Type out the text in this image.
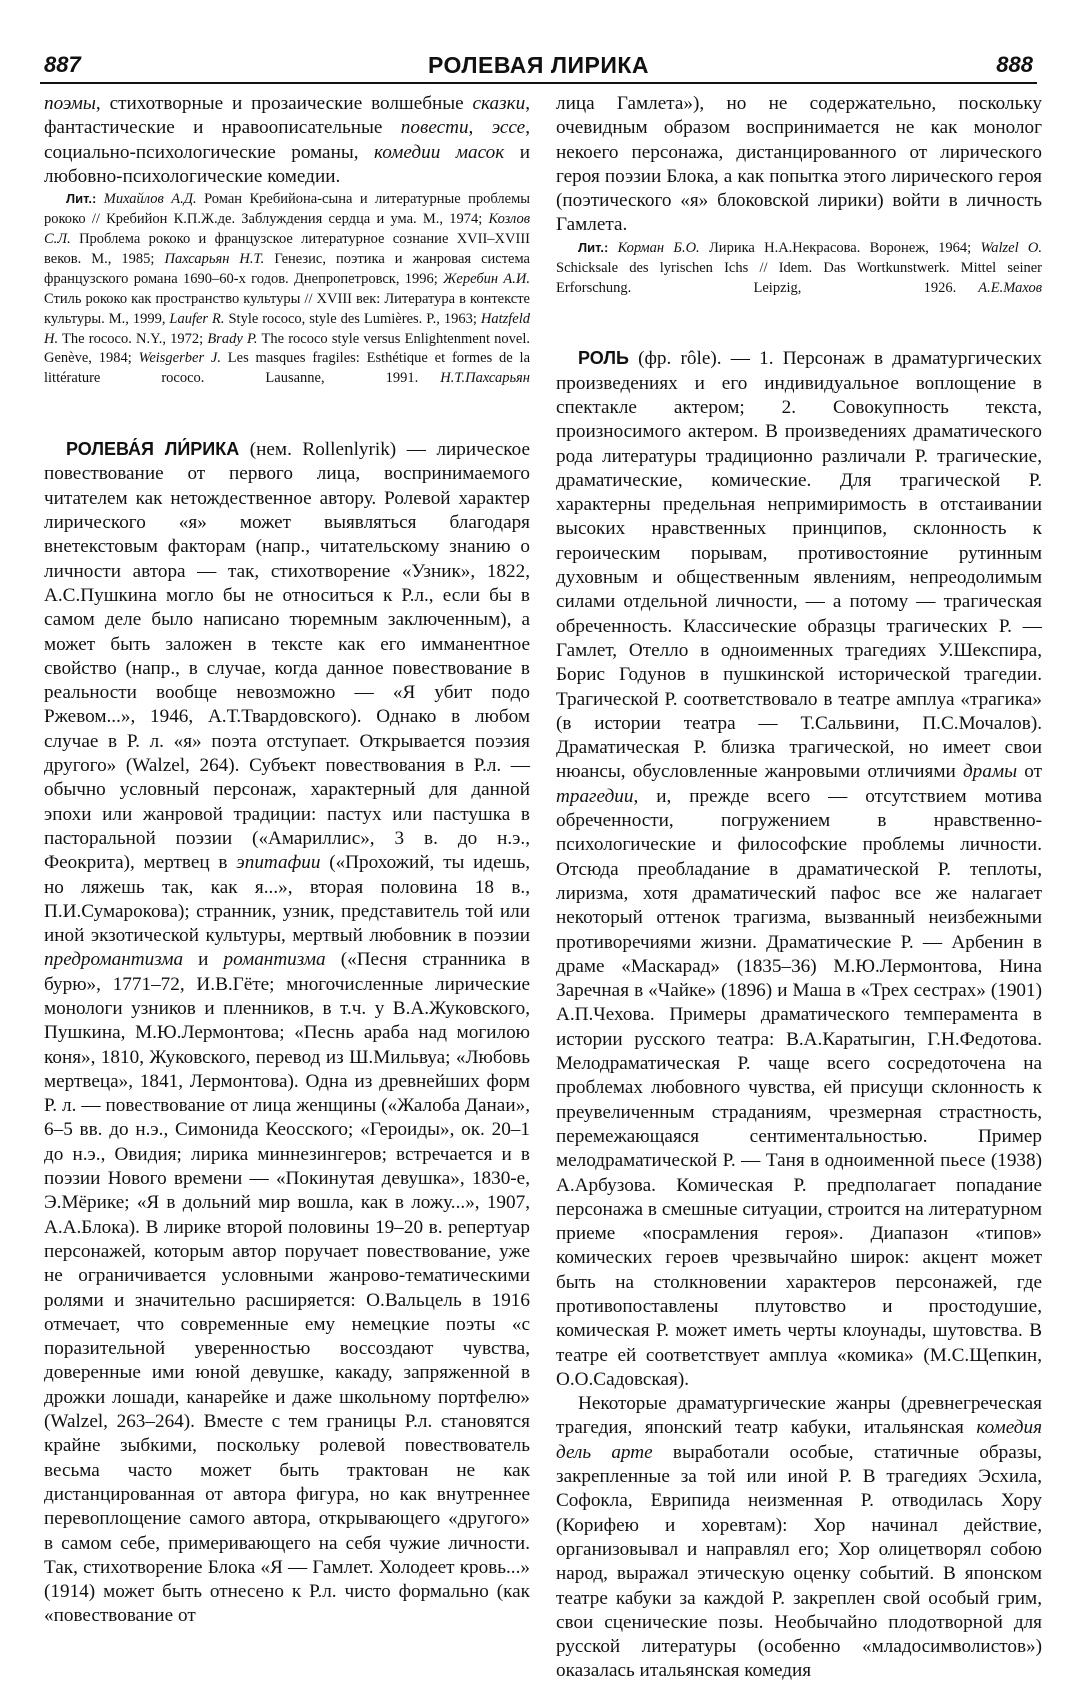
887	РОЛЕВАЯ ЛИРИКА	888

поэмы, стихотворные и прозаические волшебные сказки, фантастические и нравоописательные повести, эссе, социально-психологические романы, комедии масок и любовно-психологические комедии.

Лит.: Михайлов А.Д. Роман Кребийона-сына и литературные проблемы рококо // Кребийон К.П.Ж.де. Заблуждения сердца и ума. М., 1974; Козлов С.Л. Проблема рококо и французское литературное сознание XVII–XVIII веков. М., 1985; Пахсарьян Н.Т. Генезис, поэтика и жанровая система французского романа 1690–60-х годов. Днепропетровск, 1996; Жеребин А.И. Стиль рококо как пространство культуры // XVIII век: Литература в контексте культуры. М., 1999, Laufer R. Style rococo, style des Lumières. P., 1963; Hatzfeld H. The rococo. N.Y., 1972; Brady P. The rococo style versus Enlightenment novel. Genève, 1984; Weisgerber J. Les masques fragiles: Esthétique et formes de la littérature rococo. Lausanne, 1991.	Н.Т.Пахсарьян

РОЛЕВА́Я ЛИ́РИКА (нем. Rollenlyrik) — лирическое повествование от первого лица, воспринимаемого читателем как нетождественное автору. Ролевой характер лирического «я» может выявляться благодаря внетекстовым факторам (напр., читательскому знанию о личности автора — так, стихотворение «Узник», 1822, А.С.Пушкина могло бы не относиться к Р.л., если бы в самом деле было написано тюремным заключенным), а может быть заложен в тексте как его имманентное свойство (напр., в случае, когда данное повествование в реальности вообще невозможно — «Я убит подо Ржевом...», 1946, А.Т.Твардовского). Однако в любом случае в Р. л. «я» поэта отступает. Открывается поэзия другого» (Walzel, 264). Субъект повествования в Р.л. — обычно условный персонаж, характерный для данной эпохи или жанровой традиции: пастух или пастушка в пасторальной поэзии («Амариллис», 3 в. до н.э., Феокрита), мертвец в эпитафии («Прохожий, ты идешь, но ляжешь так, как я...», вторая половина 18 в., П.И.Сумарокова); странник, узник, представитель той или иной экзотической культуры, мертвый любовник в поэзии предромантизма и романтизма («Песня странника в бурю», 1771–72, И.В.Гёте; многочисленные лирические монологи узников и пленников, в т.ч. у В.А.Жуковского, Пушкина, М.Ю.Лермонтова; «Песнь араба над могилою коня», 1810, Жуковского, перевод из Ш.Мильвуа; «Любовь мертвеца», 1841, Лермонтова). Одна из древнейших форм Р. л. — повествование от лица женщины («Жалоба Данаи», 6–5 вв. до н.э., Симонида Кеосского; «Героиды», ок. 20–1 до н.э., Овидия; лирика миннезингеров; встречается и в поэзии Нового времени — «Покинутая девушка», 1830-е, Э.Мёрике; «Я в дольний мир вошла, как в ложу...», 1907, А.А.Блока). В лирике второй половины 19–20 в. репертуар персонажей, которым автор поручает повествование, уже не ограничивается условными жанрово-тематическими ролями и значительно расширяется: О.Вальцель в 1916 отмечает, что современные ему немецкие поэты «с поразительной уверенностью воссоздают чувства, доверенные ими юной девушке, какаду, запряженной в дрожки лошади, канарейке и даже школьному портфелю» (Walzel, 263–264). Вместе с тем границы Р.л. становятся крайне зыбкими, поскольку ролевой повествователь весьма часто может быть трактован не как дистанцированная от автора фигура, но как внутреннее перевоплощение самого автора, открывающего «другого» в самом себе, примеривающего на себя чужие личности. Так, стихотворение Блока «Я — Гамлет. Холодеет кровь...» (1914) может быть отнесено к Р.л. чисто формально (как «повествование от

лица Гамлета»), но не содержательно, поскольку очевидным образом воспринимается не как монолог некоего персонажа, дистанцированного от лирического героя поэзии Блока, а как попытка этого лирического героя (поэтического «я» блоковской лирики) войти в личность Гамлета.

Лит.: Корман Б.О. Лирика Н.А.Некрасова. Воронеж, 1964; Walzel O. Schicksale des lyrischen Ichs // Idem. Das Wortkunstwerk. Mittel seiner Erforschung. Leipzig, 1926.	А.Е.Махов

РОЛЬ (фр. rôle). — 1. Персонаж в драматургических произведениях и его индивидуальное воплощение в спектакле актером; 2. Совокупность текста, произносимого актером. В произведениях драматического рода литературы традиционно различали Р. трагические, драматические, комические. Для трагической Р. характерны предельная непримиримость в отстаивании высоких нравственных принципов, склонность к героическим порывам, противостояние рутинным духовным и общественным явлениям, непреодолимым силами отдельной личности, — а потому — трагическая обреченность. Классические образцы трагических Р. — Гамлет, Отелло в одноименных трагедиях У.Шекспира, Борис Годунов в пушкинской исторической трагедии. Трагической Р. соответствовало в театре амплуа «трагика» (в истории театра — Т.Сальвини, П.С.Мочалов). Драматическая Р. близка трагической, но имеет свои нюансы, обусловленные жанровыми отличиями драмы от трагедии, и, прежде всего — отсутствием мотива обреченности, погружением в нравственно-психологические и философские проблемы личности. Отсюда преобладание в драматической Р. теплоты, лиризма, хотя драматический пафос все же налагает некоторый оттенок трагизма, вызванный неизбежными противоречиями жизни. Драматические Р. — Арбенин в драме «Маскарад» (1835–36) М.Ю.Лермонтова, Нина Заречная в «Чайке» (1896) и Маша в «Трех сестрах» (1901) А.П.Чехова. Примеры драматического темперамента в истории русского театра: В.А.Каратыгин, Г.Н.Федотова. Мелодраматическая Р. чаще всего сосредоточена на проблемах любовного чувства, ей присущи склонность к преувеличенным страданиям, чрезмерная страстность, перемежающаяся сентиментальностью. Пример мелодраматической Р. — Таня в одноименной пьесе (1938) А.Арбузова. Комическая Р. предполагает попадание персонажа в смешные ситуации, строится на литературном приеме «посрамления героя». Диапазон «типов» комических героев чрезвычайно широк: акцент может быть на столкновении характеров персонажей, где противопоставлены плутовство и простодушие, комическая Р. может иметь черты клоунады, шутовства. В театре ей соответствует амплуа «комика» (М.С.Щепкин, О.О.Садовская).

Некоторые драматургические жанры (древнегреческая трагедия, японский театр кабуки, итальянская комедия дель арте выработали особые, статичные образы, закрепленные за той или иной Р. В трагедиях Эсхила, Софокла, Еврипида неизменная Р. отводилась Хору (Корифею и хоревтам): Хор начинал действие, организовывал и направлял его; Хор олицетворял собою народ, выражал этическую оценку событий. В японском театре кабуки за каждой Р. закреплен свой особый грим, свои сценические позы. Необычайно плодотворной для русской литературы (особенно «младосимволистов») оказалась итальянская комедия
